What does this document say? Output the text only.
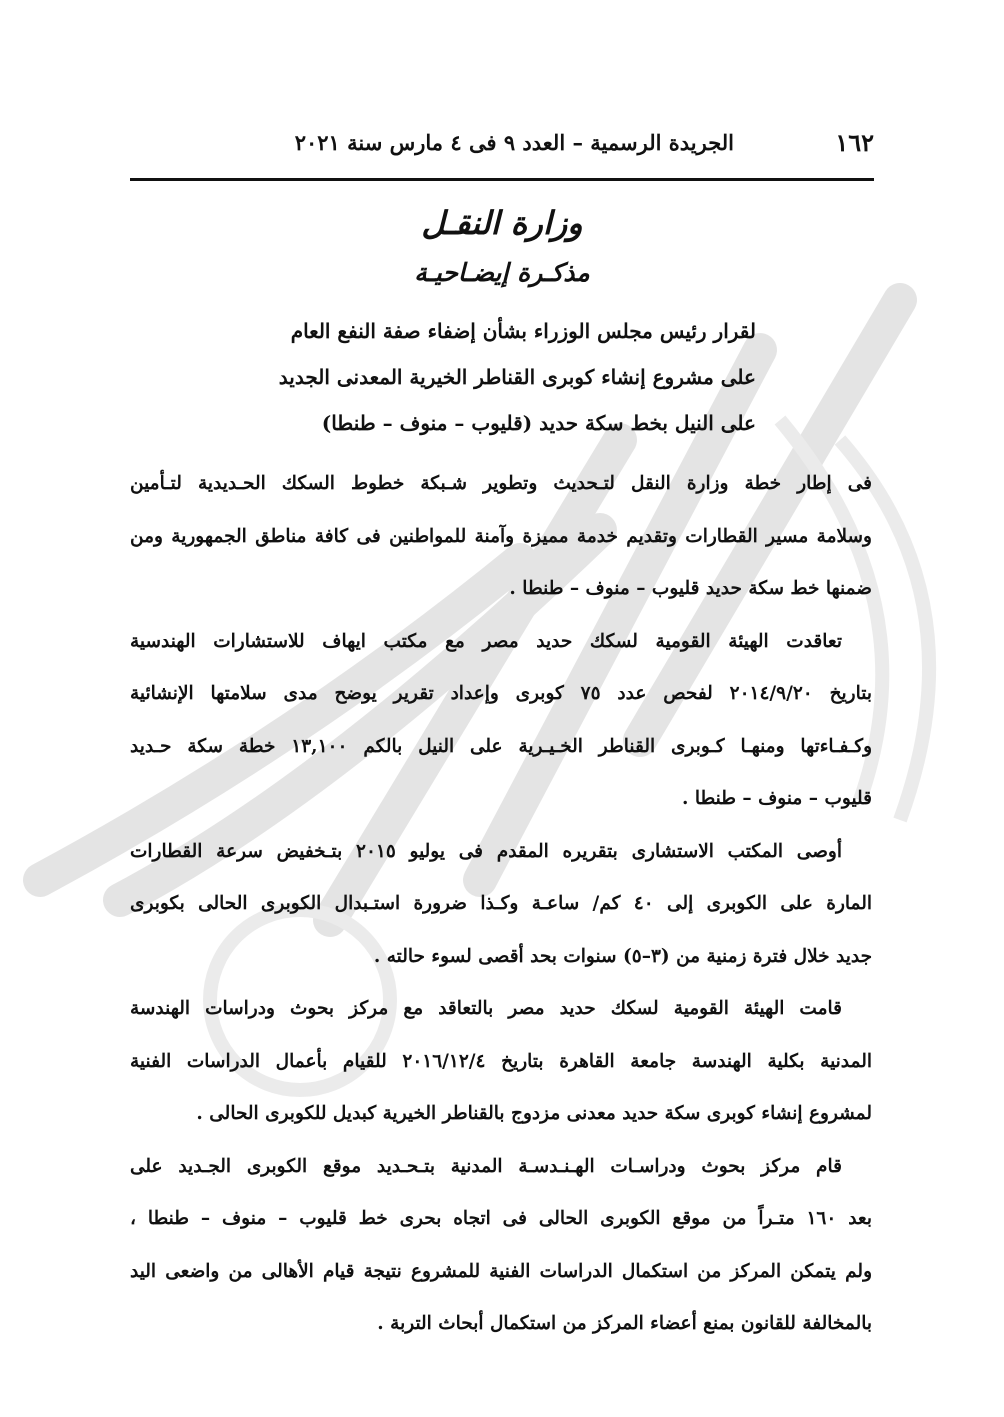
١٦٢
الجريدة الرسمية – العدد ٩ فى ٤ مارس سنة ٢٠٢١
وزارة النقـل
مذكـرة إيضـاحيـة
لقرار رئيس مجلس الوزراء بشأن إضفاء صفة النفع العام
على مشروع إنشاء كوبرى القناطر الخيرية المعدنى الجديد
على النيل بخط سكة حديد (قليوب – منوف – طنطا)
فى إطار خطة وزارة النقل لتـحديث وتطوير شـبكة خطوط السكك الحـديدية لتـأمين
وسلامة مسير القطارات وتقديم خدمة مميزة وآمنة للمواطنين فى كافة مناطق الجمهورية ومن
ضمنها خط سكة حديد قليوب – منوف – طنطا .
تعاقدت الهيئة القومية لسكك حديد مصر مع مكتب ايهاف للاستشارات الهندسية
بتاريخ ٢٠١٤/٩/٢٠ لفحص عدد ٧٥ كوبرى وإعداد تقرير يوضح مدى سلامتها الإنشائية
وكـفـاءتها ومنهـا كـوبرى القناطر الخـيـرية على النيل بالكم ١٣,١٠٠ خطة سكة حـديد
قليوب – منوف – طنطا .
أوصى المكتب الاستشارى بتقريره المقدم فى يوليو ٢٠١٥ بتـخفيض سرعة القطارات
المارة على الكوبرى إلى ٤٠ كم/ ساعـة وكـذا ضرورة استـبدال الكوبرى الحالى بكوبرى
جديد خلال فترة زمنية من (٣–٥) سنوات بحد أقصى لسوء حالته .
قامت الهيئة القومية لسكك حديد مصر بالتعاقد مع مركز بحوث ودراسات الهندسة
المدنية بكلية الهندسة جامعة القاهرة بتاريخ ٢٠١٦/١٢/٤ للقيام بأعمال الدراسات الفنية
لمشروع إنشاء كوبرى سكة حديد معدنى مزدوج بالقناطر الخيرية كبديل للكوبرى الحالى .
قام مركز بحوث ودراسـات الهـنـدسـة المدنية بتـحـديد موقع الكوبرى الجـديد على
بعد ١٦٠ متـراً من موقع الكوبرى الحالى فى اتجاه بحرى خط قليوب – منوف – طنطا ،
ولم يتمكن المركز من استكمال الدراسات الفنية للمشروع نتيجة قيام الأهالى من واضعى اليد
بالمخالفة للقانون بمنع أعضاء المركز من استكمال أبحاث التربة .
